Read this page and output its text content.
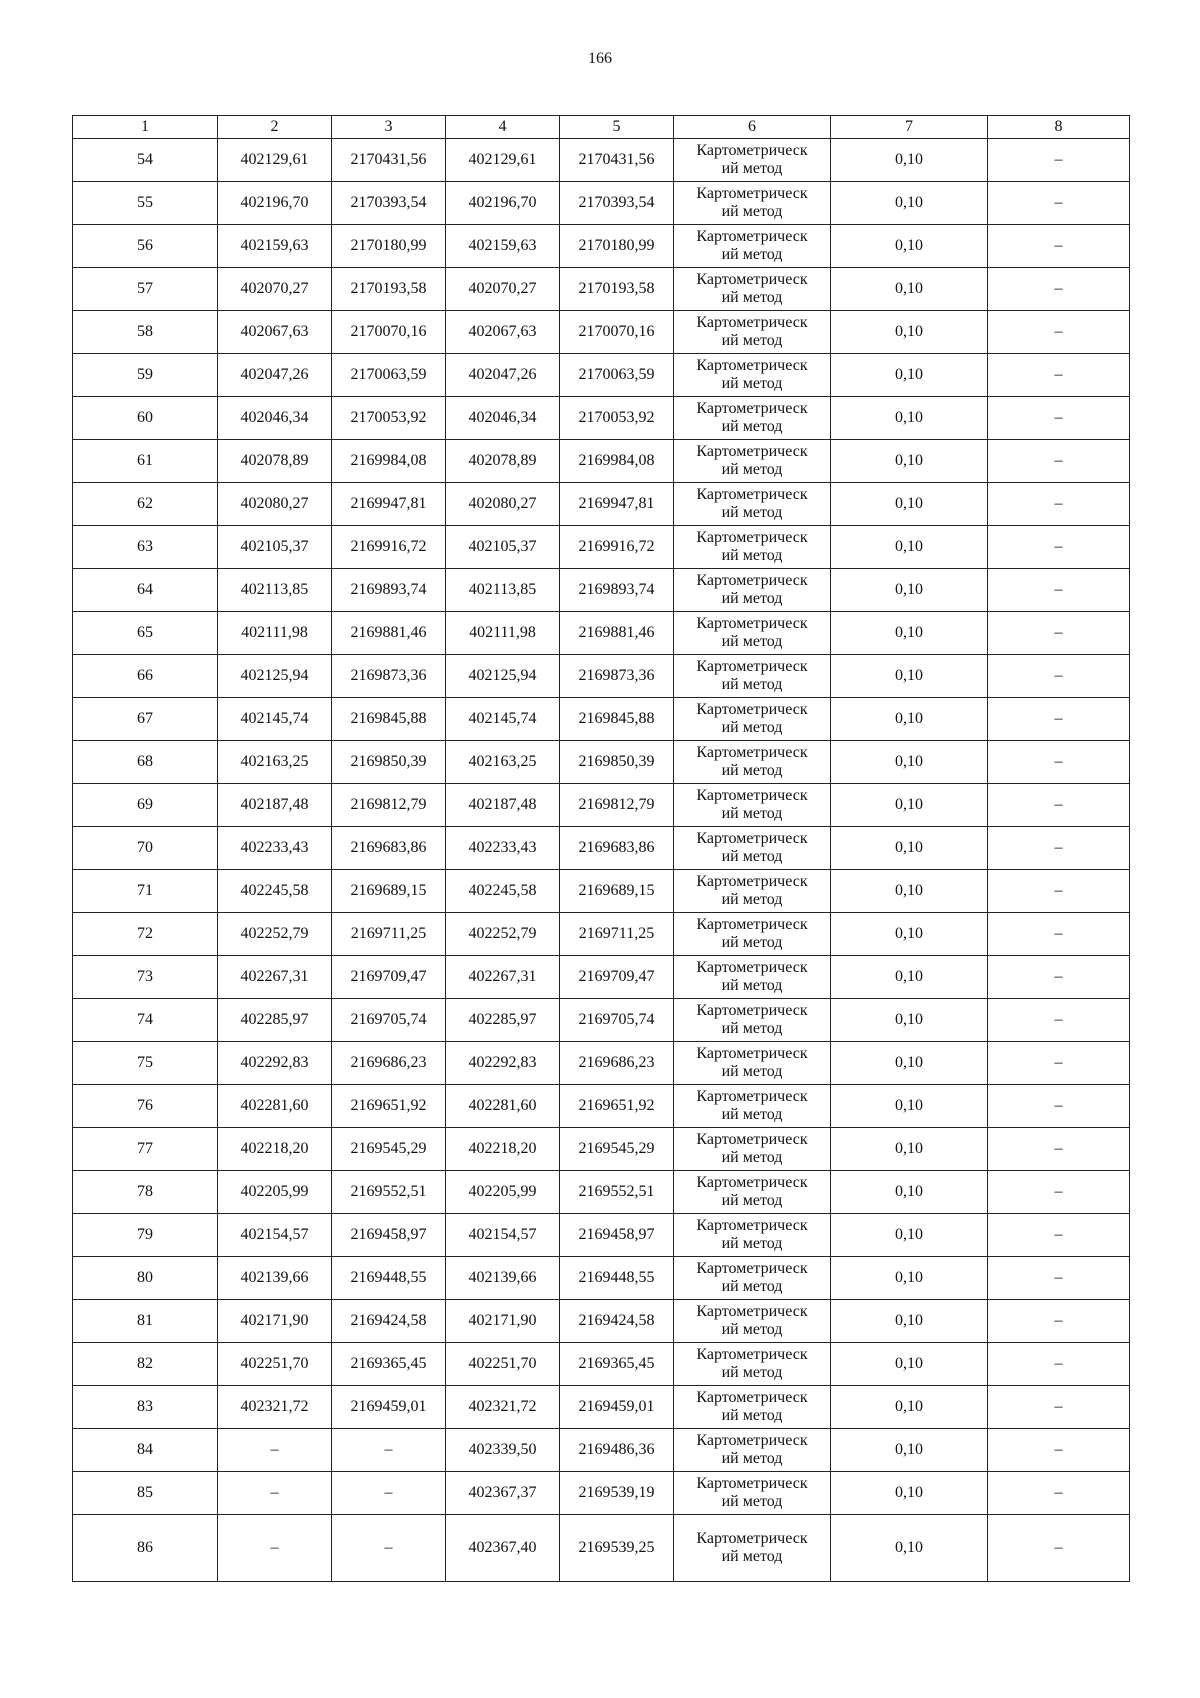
166
1	2	3	4	5	6	7	8
54	402129,61	2170431,56	402129,61	2170431,56	Картометрическ
ий метод	0,10	–
55	402196,70	2170393,54	402196,70	2170393,54	Картометрическ
ий метод	0,10	–
56	402159,63	2170180,99	402159,63	2170180,99	Картометрическ
ий метод	0,10	–
57	402070,27	2170193,58	402070,27	2170193,58	Картометрическ
ий метод	0,10	–
58	402067,63	2170070,16	402067,63	2170070,16	Картометрическ
ий метод	0,10	–
59	402047,26	2170063,59	402047,26	2170063,59	Картометрическ
ий метод	0,10	–
60	402046,34	2170053,92	402046,34	2170053,92	Картометрическ
ий метод	0,10	–
61	402078,89	2169984,08	402078,89	2169984,08	Картометрическ
ий метод	0,10	–
62	402080,27	2169947,81	402080,27	2169947,81	Картометрическ
ий метод	0,10	–
63	402105,37	2169916,72	402105,37	2169916,72	Картометрическ
ий метод	0,10	–
64	402113,85	2169893,74	402113,85	2169893,74	Картометрическ
ий метод	0,10	–
65	402111,98	2169881,46	402111,98	2169881,46	Картометрическ
ий метод	0,10	–
66	402125,94	2169873,36	402125,94	2169873,36	Картометрическ
ий метод	0,10	–
67	402145,74	2169845,88	402145,74	2169845,88	Картометрическ
ий метод	0,10	–
68	402163,25	2169850,39	402163,25	2169850,39	Картометрическ
ий метод	0,10	–
69	402187,48	2169812,79	402187,48	2169812,79	Картометрическ
ий метод	0,10	–
70	402233,43	2169683,86	402233,43	2169683,86	Картометрическ
ий метод	0,10	–
71	402245,58	2169689,15	402245,58	2169689,15	Картометрическ
ий метод	0,10	–
72	402252,79	2169711,25	402252,79	2169711,25	Картометрическ
ий метод	0,10	–
73	402267,31	2169709,47	402267,31	2169709,47	Картометрическ
ий метод	0,10	–
74	402285,97	2169705,74	402285,97	2169705,74	Картометрическ
ий метод	0,10	–
75	402292,83	2169686,23	402292,83	2169686,23	Картометрическ
ий метод	0,10	–
76	402281,60	2169651,92	402281,60	2169651,92	Картометрическ
ий метод	0,10	–
77	402218,20	2169545,29	402218,20	2169545,29	Картометрическ
ий метод	0,10	–
78	402205,99	2169552,51	402205,99	2169552,51	Картометрическ
ий метод	0,10	–
79	402154,57	2169458,97	402154,57	2169458,97	Картометрическ
ий метод	0,10	–
80	402139,66	2169448,55	402139,66	2169448,55	Картометрическ
ий метод	0,10	–
81	402171,90	2169424,58	402171,90	2169424,58	Картометрическ
ий метод	0,10	–
82	402251,70	2169365,45	402251,70	2169365,45	Картометрическ
ий метод	0,10	–
83	402321,72	2169459,01	402321,72	2169459,01	Картометрическ
ий метод	0,10	–
84	–	–	402339,50	2169486,36	Картометрическ
ий метод	0,10	–
85	–	–	402367,37	2169539,19	Картометрическ
ий метод	0,10	–
86	–	–	402367,40	2169539,25	Картометрическ
ий метод	0,10	–
